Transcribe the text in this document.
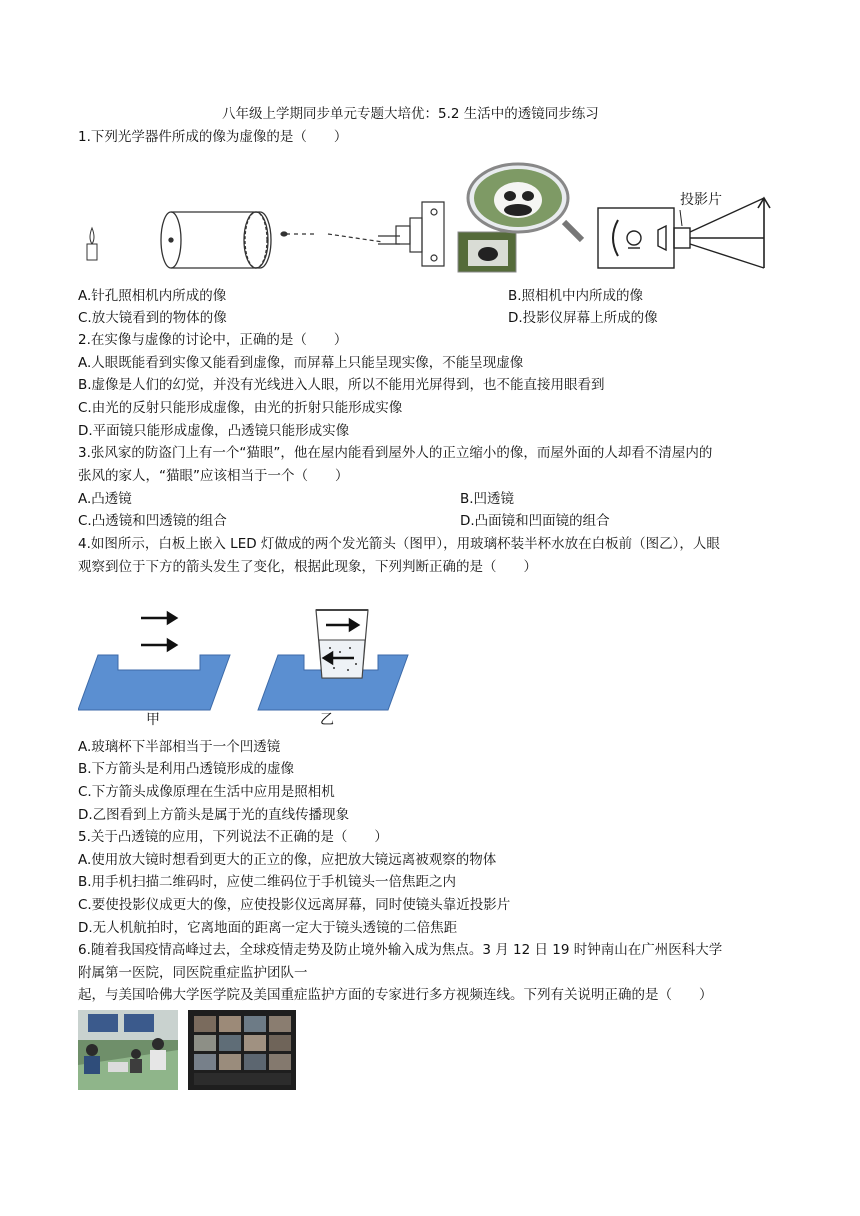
八年级上学期同步单元专题大培优：5.2 生活中的透镜同步练习
1.下列光学器件所成的像为虚像的是（　　）
投影片
A.针孔照相机内所成的像	B.照相机中内所成的像
C.放大镜看到的物体的像	D.投影仪屏幕上所成的像
2.在实像与虚像的讨论中，正确的是（　　）
A.人眼既能看到实像又能看到虚像，而屏幕上只能呈现实像，不能呈现虚像
B.虚像是人们的幻觉，并没有光线进入人眼，所以不能用光屏得到，也不能直接用眼看到
C.由光的反射只能形成虚像，由光的折射只能形成实像
D.平面镜只能形成虚像，凸透镜只能形成实像
3.张风家的防盗门上有一个“猫眼”，他在屋内能看到屋外人的正立缩小的像，而屋外面的人却看不清屋内的
张风的家人，“猫眼”应该相当于一个（　　）
A.凸透镜	B.凹透镜
C.凸透镜和凹透镜的组合	D.凸面镜和凹面镜的组合
4.如图所示，白板上嵌入 LED 灯做成的两个发光箭头（图甲），用玻璃杯装半杯水放在白板前（图乙），人眼
观察到位于下方的箭头发生了变化，根据此现象，下列判断正确的是（　　）
甲	乙
A.玻璃杯下半部相当于一个凹透镜
B.下方箭头是利用凸透镜形成的虚像
C.下方箭头成像原理在生活中应用是照相机
D.乙图看到上方箭头是属于光的直线传播现象
5.关于凸透镜的应用，下列说法不正确的是（　　）
A.使用放大镜时想看到更大的正立的像，应把放大镜远离被观察的物体
B.用手机扫描二维码时，应使二维码位于手机镜头一倍焦距之内
C.要使投影仪成更大的像，应使投影仪远离屏幕，同时使镜头靠近投影片
D.无人机航拍时，它离地面的距离一定大于镜头透镜的二倍焦距
6.随着我国疫情高峰过去，全球疫情走势及防止境外输入成为焦点。3 月 12 日 19 时钟南山在广州医科大学
附属第一医院，同医院重症监护团队一
起，与美国哈佛大学医学院及美国重症监护方面的专家进行多方视频连线。下列有关说明正确的是（　　）
